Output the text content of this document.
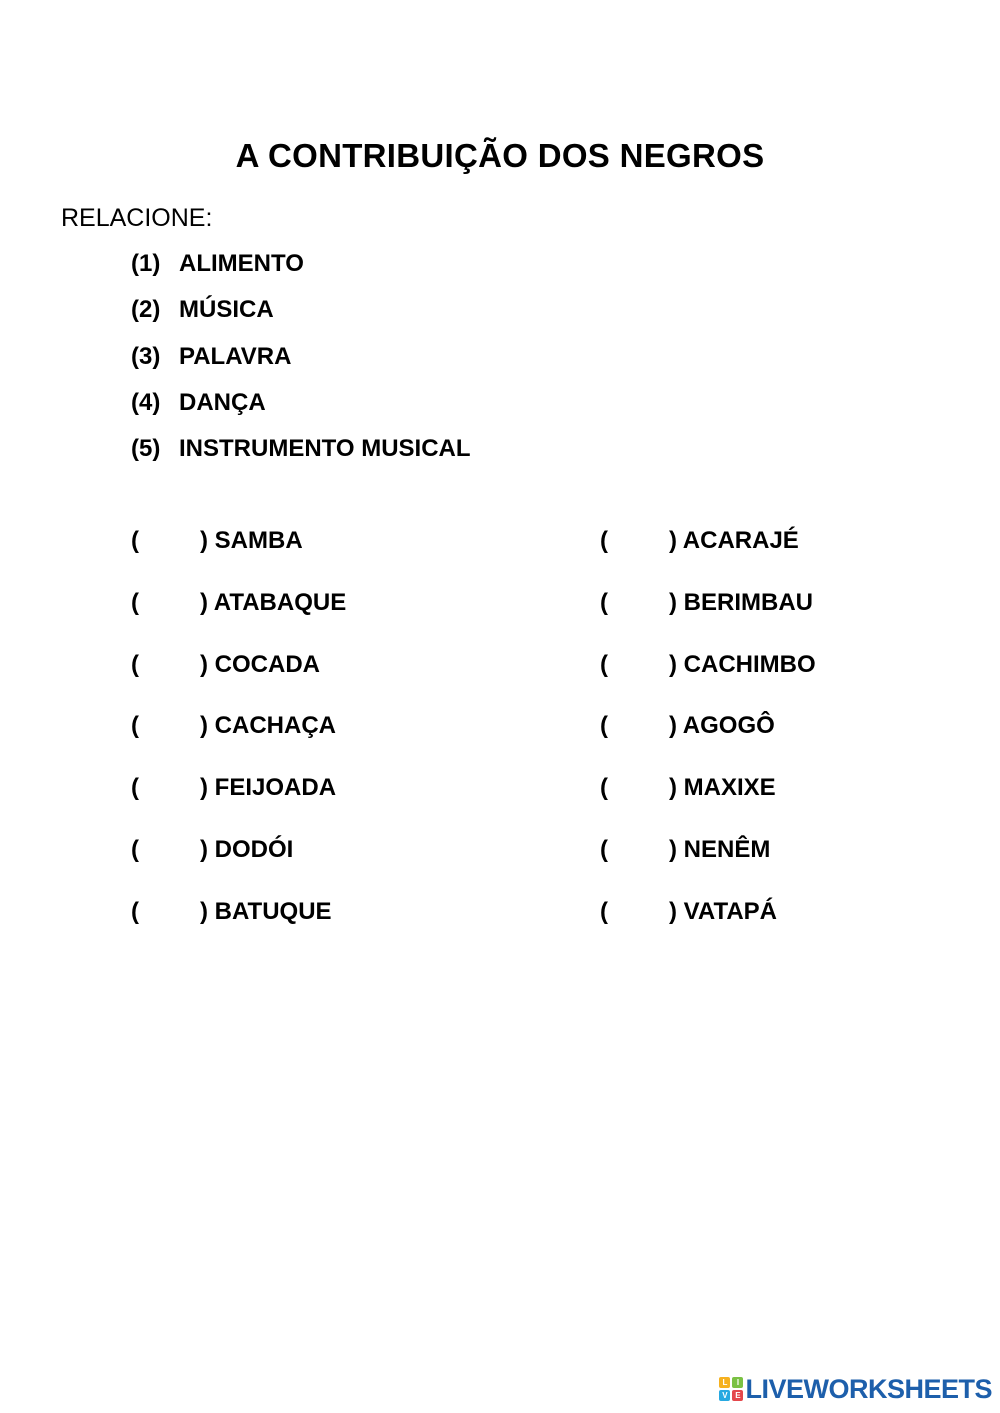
A CONTRIBUIÇÃO DOS NEGROS
RELACIONE:
(1) ALIMENTO
(2) MÚSICA
(3) PALAVRA
(4) DANÇA
(5) INSTRUMENTO MUSICAL
(	) SAMBA	(	) ACARAJÉ
(	) ATABAQUE	(	) BERIMBAU
(	) COCADA	(	) CACHIMBO
(	) CACHAÇA	(	) AGOGÔ
(	) FEIJOADA	(	) MAXIXE
(	) DODÓI	(	) NENÊM
(	) BATUQUE	(	) VATAPÁ
L	I
V E LIVEWORKSHEETS
